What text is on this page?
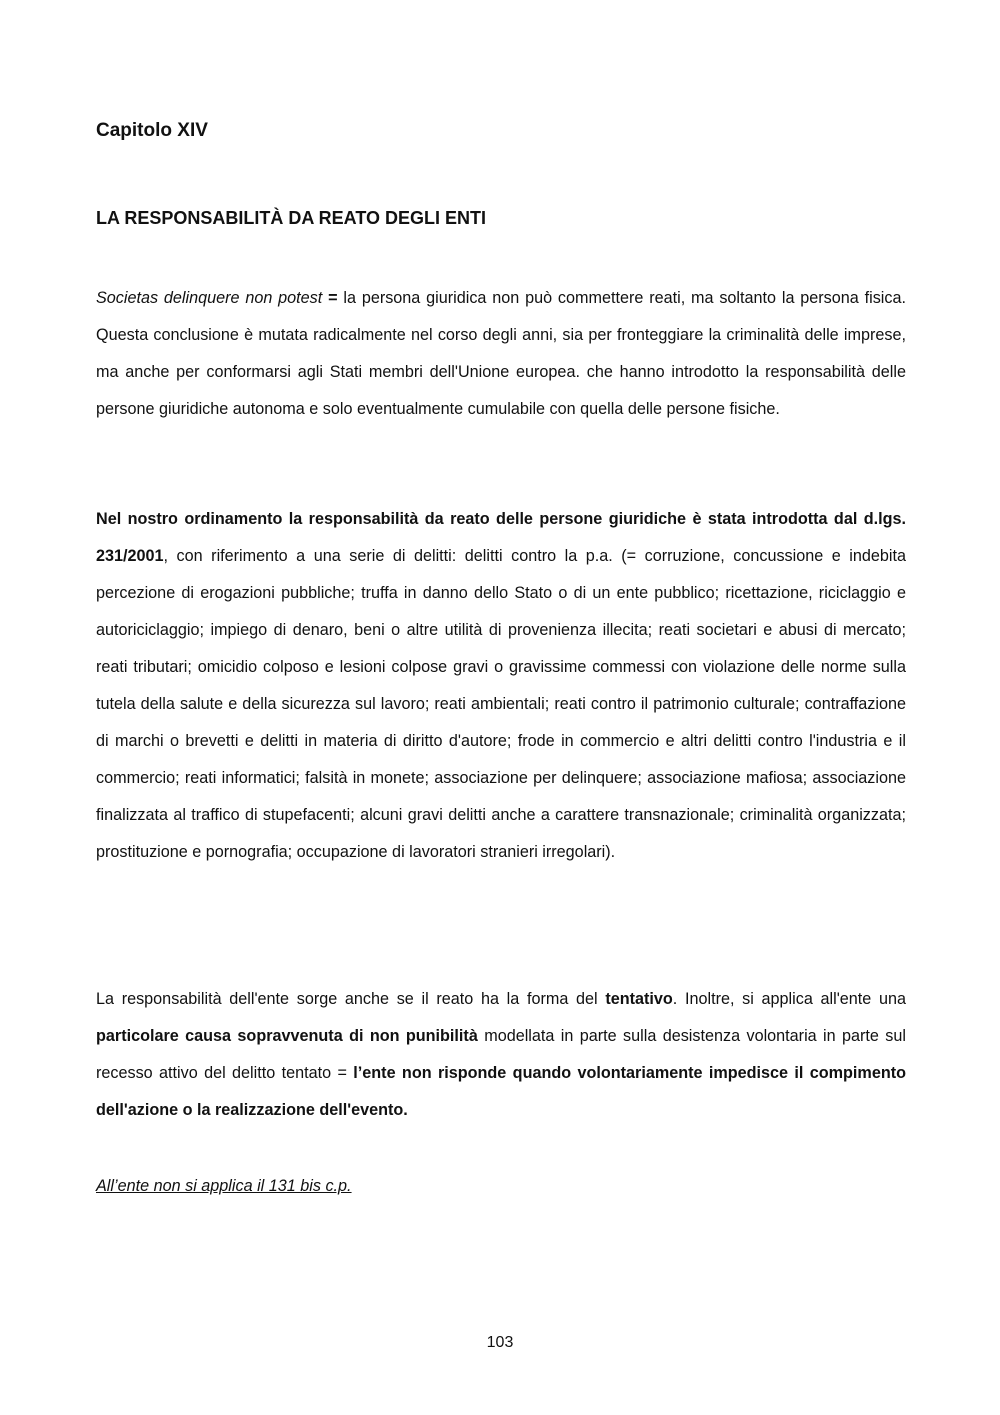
Capitolo XIV
LA RESPONSABILITÀ DA REATO DEGLI ENTI

Societas delinquere non potest = la persona giuridica non può commettere reati, ma soltanto la persona fisica. Questa conclusione è mutata radicalmente nel corso degli anni, sia per fronteggiare la criminalità delle imprese, ma anche per conformarsi agli Stati membri dell'Unione europea. che hanno introdotto la responsabilità delle persone giuridiche autonoma e solo eventualmente cumulabile con quella delle persone fisiche.

Nel nostro ordinamento la responsabilità da reato delle persone giuridiche è stata introdotta dal d.lgs. 231/2001, con riferimento a una serie di delitti: delitti contro la p.a. (= corruzione, concussione e indebita percezione di erogazioni pubbliche; truffa in danno dello Stato o di un ente pubblico; ricettazione, riciclaggio e autoriciclaggio; impiego di denaro, beni o altre utilità di provenienza illecita; reati societari e abusi di mercato; reati tributari; omicidio colposo e lesioni colpose gravi o gravissime commessi con violazione delle norme sulla tutela della salute e della sicurezza sul lavoro; reati ambientali; reati contro il patrimonio culturale; contraffazione di marchi o brevetti e delitti in materia di diritto d'autore; frode in commercio e altri delitti contro l'industria e il commercio; reati informatici; falsità in monete; associazione per delinquere; associazione mafiosa; associazione finalizzata al traffico di stupefacenti; alcuni gravi delitti anche a carattere transnazionale; criminalità organizzata; prostituzione e pornografia; occupazione di lavoratori stranieri irregolari).

La responsabilità dell'ente sorge anche se il reato ha la forma del tentativo. Inoltre, si applica all'ente una particolare causa sopravvenuta di non punibilità modellata in parte sulla desistenza volontaria in parte sul recesso attivo del delitto tentato = l’ente non risponde quando volontariamente impedisce il compimento dell'azione o la realizzazione dell'evento.

All’ente non si applica il 131 bis c.p.

103
